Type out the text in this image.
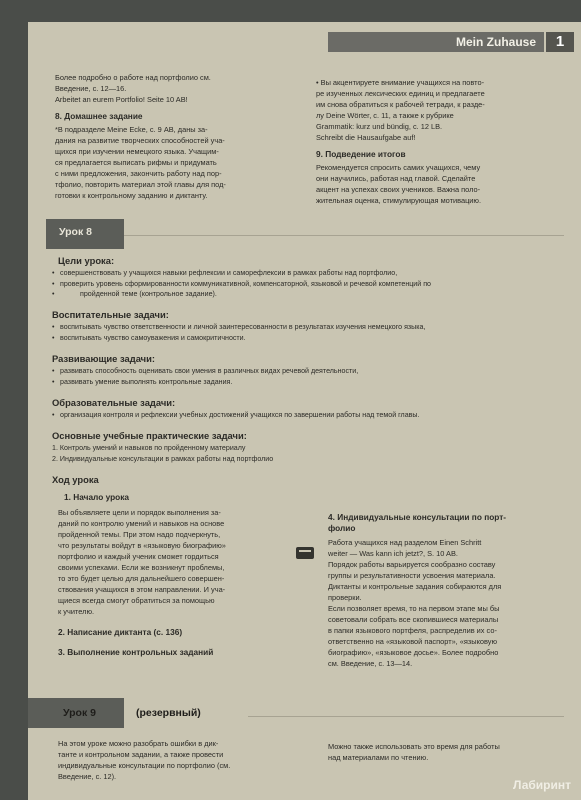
Mein Zuhause	1

Более подробно о работе над портфолио см.

Введение, с. 12—16.

Arbeitet an eurem Portfolio! Seite 10 AB!

8. Домашнее задание

*В подразделе Meine Ecke, с. 9 АВ, даны за-

дания на развитие творческих способностей уча-

щихся при изучении немецкого языка. Учащим-

ся предлагается выписать рифмы и придумать

с ними предложения, закончить работу над пор-

тфолио, повторить материал этой главы для под-

готовки к контрольному заданию и диктанту.

• Вы акцентируете внимание учащихся на повто-

ре изученных лексических единиц и предлагаете

им снова обратиться к рабочей тетради, к разде-

лу Deine Wörter, с. 11, а также к рубрике

Grammatik: kurz und bündig, с. 12 LB.

Schreibt die Hausaufgabe auf!

9. Подведение итогов

Рекомендуется спросить самих учащихся, чему

они научились, работая над главой. Сделайте

акцент на успехах своих учеников. Важна поло-

жительная оценка, стимулирующая мотивацию.

Урок 8

Цели урока:

• совершенствовать у учащихся навыки рефлексии и саморефлексии в рамках работы над портфолио,
• проверить уровень сформированности коммуникативной, компенсаторной, языковой и речевой компетенций по
• пройденной теме (контрольное задание).

Воспитательные задачи:

• воспитывать чувство ответственности и личной заинтересованности в результатах изучения немецкого языка,
• воспитывать чувство самоуважения и самокритичности.

Развивающие задачи:

• развивать способность оценивать свои умения в различных видах речевой деятельности,
• развивать умение выполнять контрольные задания.

Образовательные задачи:

• организация контроля и рефлексии учебных достижений учащихся по завершении работы над темой главы.

Основные учебные практические задачи:

1. Контроль умений и навыков по пройденному материалу
2. Индивидуальные консультации в рамках работы над портфолио

Ход урока

1. Начало урока

Вы объявляете цели и порядок выполнения за-

даний по контролю умений и навыков на основе

пройденной темы. При этом надо подчеркнуть,

что результаты войдут в «языковую биографию»

портфолио и каждый ученик сможет гордиться

своими успехами. Если же возникнут проблемы,

то это будет целью для дальнейшего совершен-

ствования учащихся в этом направлении. И уча-

щиеся всегда смогут обратиться за помощью

к учителю.

2. Написание диктанта (с. 136)

3. Выполнение контрольных заданий

4. Индивидуальные консультации по порт-

фолио

Работа учащихся над разделом Einen Schritt

weiter — Was kann ich jetzt?, S. 10 AB.

Порядок работы варьируется сообразно составу

группы и результативности усвоения материала.

Диктанты и контрольные задания собираются для

проверки.

Если позволяет время, то на первом этапе мы бы

советовали собрать все скопившиеся материалы

в папки языкового портфеля, распределив их со-

ответственно на «языковой паспорт», «языковую

биографию», «языковое досье». Более подробно

см. Введение, с. 13—14.

Урок 9	(резервный)

На этом уроке можно разобрать ошибки в дик-

танте и контрольном задании, а также провести

индивидуальные консультации по портфолио (см.

Введение, с. 12).

Можно также использовать это время для работы

над материалами по чтению.

Лабиринт
